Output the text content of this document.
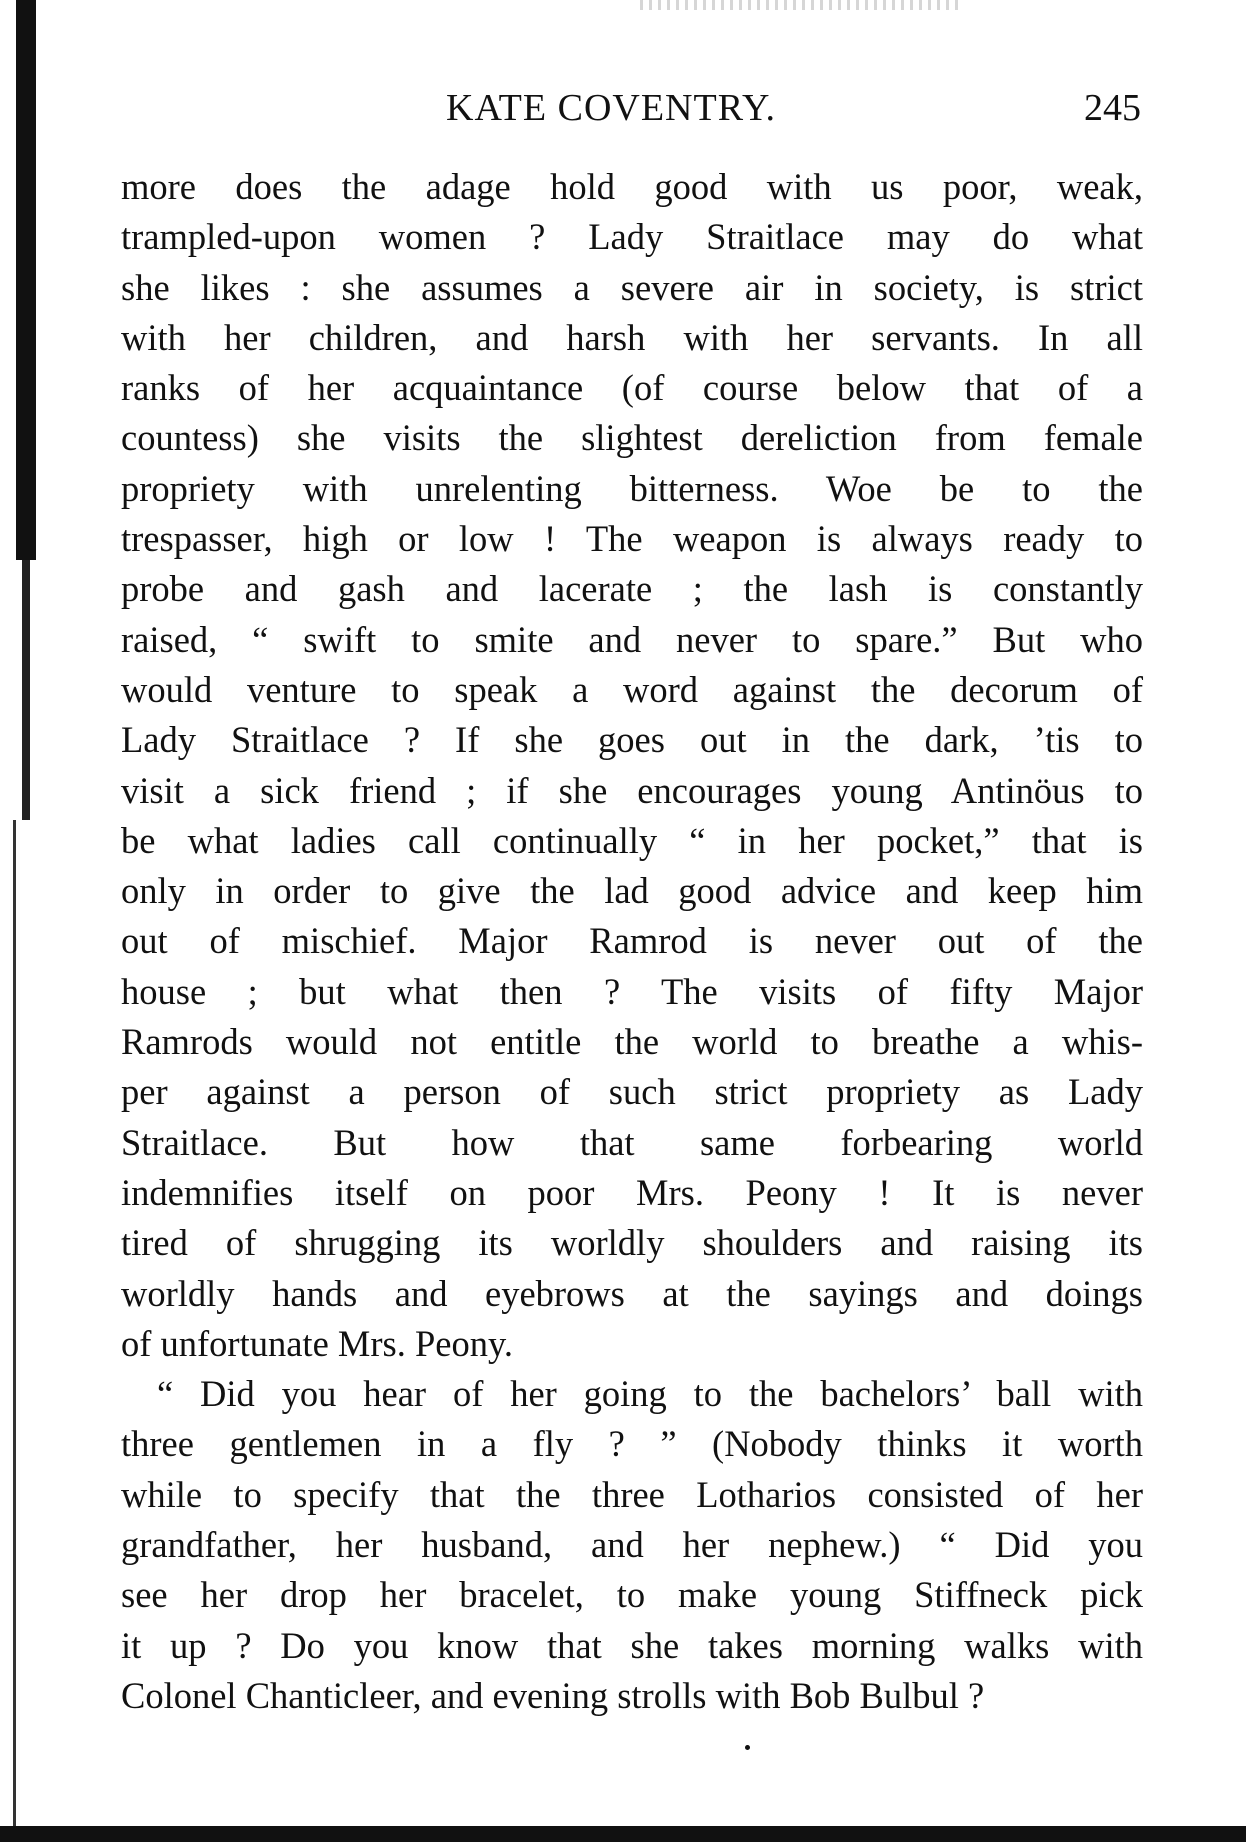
KATE COVENTRY.	245
more does the adage hold good with us poor, weak,
trampled-upon women ? Lady Straitlace may do what
she likes : she assumes a severe air in society, is strict
with her children, and harsh with her servants. In all
ranks of her acquaintance (of course below that of a
countess) she visits the slightest dereliction from female
propriety with unrelenting bitterness. Woe be to the
trespasser, high or low ! The weapon is always ready to
probe and gash and lacerate ; the lash is constantly
raised, “ swift to smite and never to spare.” But who
would venture to speak a word against the decorum of
Lady Straitlace ? If she goes out in the dark, ’tis to
visit a sick friend ; if she encourages young Antinöus to
be what ladies call continually “ in her pocket,” that is
only in order to give the lad good advice and keep him
out of mischief. Major Ramrod is never out of the
house ; but what then ? The visits of fifty Major
Ramrods would not entitle the world to breathe a whis-
per against a person of such strict propriety as Lady
Straitlace. But how that same forbearing world
indemnifies itself on poor Mrs. Peony ! It is never
tired of shrugging its worldly shoulders and raising its
worldly hands and eyebrows at the sayings and doings
of unfortunate Mrs. Peony.
“ Did you hear of her going to the bachelors’ ball with
three gentlemen in a fly ? ” (Nobody thinks it worth
while to specify that the three Lotharios consisted of her
grandfather, her husband, and her nephew.) “ Did you
see her drop her bracelet, to make young Stiffneck pick
it up ? Do you know that she takes morning walks with
Colonel Chanticleer, and evening strolls with Bob Bulbul ?
